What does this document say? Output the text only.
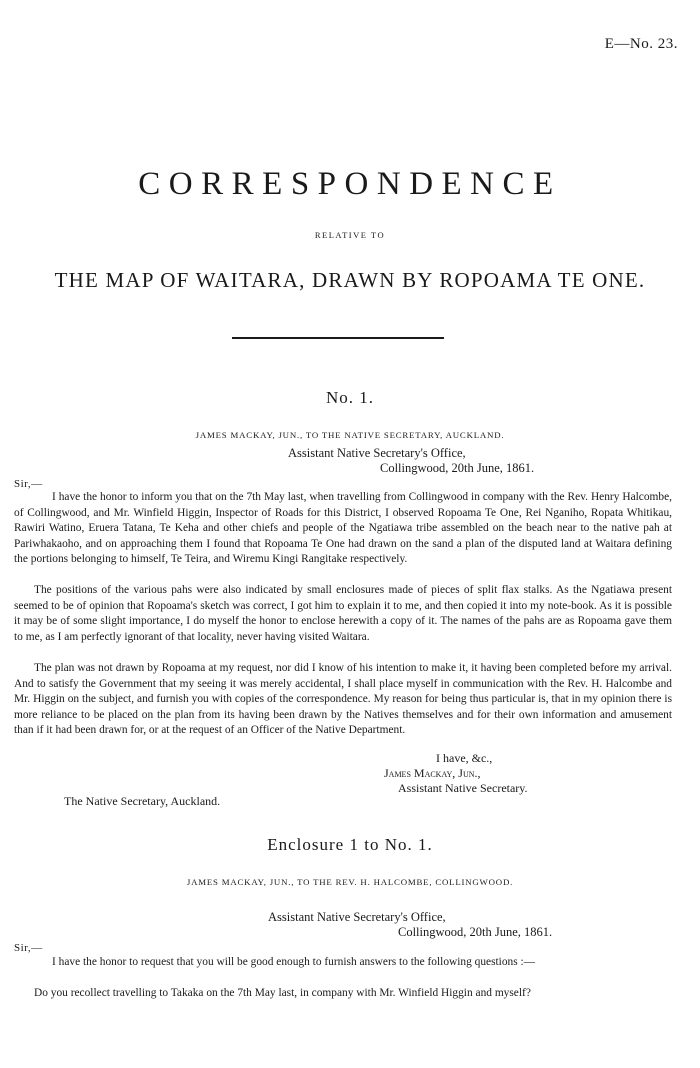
E—No. 23.
CORRESPONDENCE
RELATIVE TO
THE MAP OF WAITARA, DRAWN BY ROPOAMA TE ONE.
No. 1.
JAMES MACKAY, JUN., TO THE NATIVE SECRETARY, AUCKLAND.
Assistant Native Secretary's Office,
Collingwood, 20th June, 1861.
Sir,—

I have the honor to inform you that on the 7th May last, when travelling from Collingwood in company with the Rev. Henry Halcombe, of Collingwood, and Mr. Winfield Higgin, Inspector of Roads for this District, I observed Ropoama Te One, Rei Nganiho, Ropata Whitikau, Rawiri Watino, Eruera Tatana, Te Keha and other chiefs and people of the Ngatiawa tribe assembled on the beach near to the native pah at Pariwhakaoho, and on approaching them I found that Ropoama Te One had drawn on the sand a plan of the disputed land at Waitara defining the portions belonging to himself, Te Teira, and Wiremu Kingi Rangitake respectively.

The positions of the various pahs were also indicated by small enclosures made of pieces of split flax stalks. As the Ngatiawa present seemed to be of opinion that Ropoama's sketch was correct, I got him to explain it to me, and then copied it into my note-book. As it is possible it may be of some slight importance, I do myself the honor to enclose herewith a copy of it. The names of the pahs are as Ropoama gave them to me, as I am perfectly ignorant of that locality, never having visited Waitara.

The plan was not drawn by Ropoama at my request, nor did I know of his intention to make it, it having been completed before my arrival. And to satisfy the Government that my seeing it was merely accidental, I shall place myself in communication with the Rev. H. Halcombe and Mr. Higgin on the subject, and furnish you with copies of the correspondence. My reason for being thus particular is, that in my opinion there is more reliance to be placed on the plan from its having been drawn by the Natives themselves and for their own information and amusement than if it had been drawn for, or at the request of an Officer of the Native Department.

I have, &c.,
James Mackay, Jun.,
Assistant Native Secretary.
The Native Secretary, Auckland.
Enclosure 1 to No. 1.
JAMES MACKAY, JUN., TO THE REV. H. HALCOMBE, COLLINGWOOD.
Assistant Native Secretary's Office,
Collingwood, 20th June, 1861.
Sir,—

I have the honor to request that you will be good enough to furnish answers to the following questions :—

Do you recollect travelling to Takaka on the 7th May last, in company with Mr. Winfield Higgin and myself?
